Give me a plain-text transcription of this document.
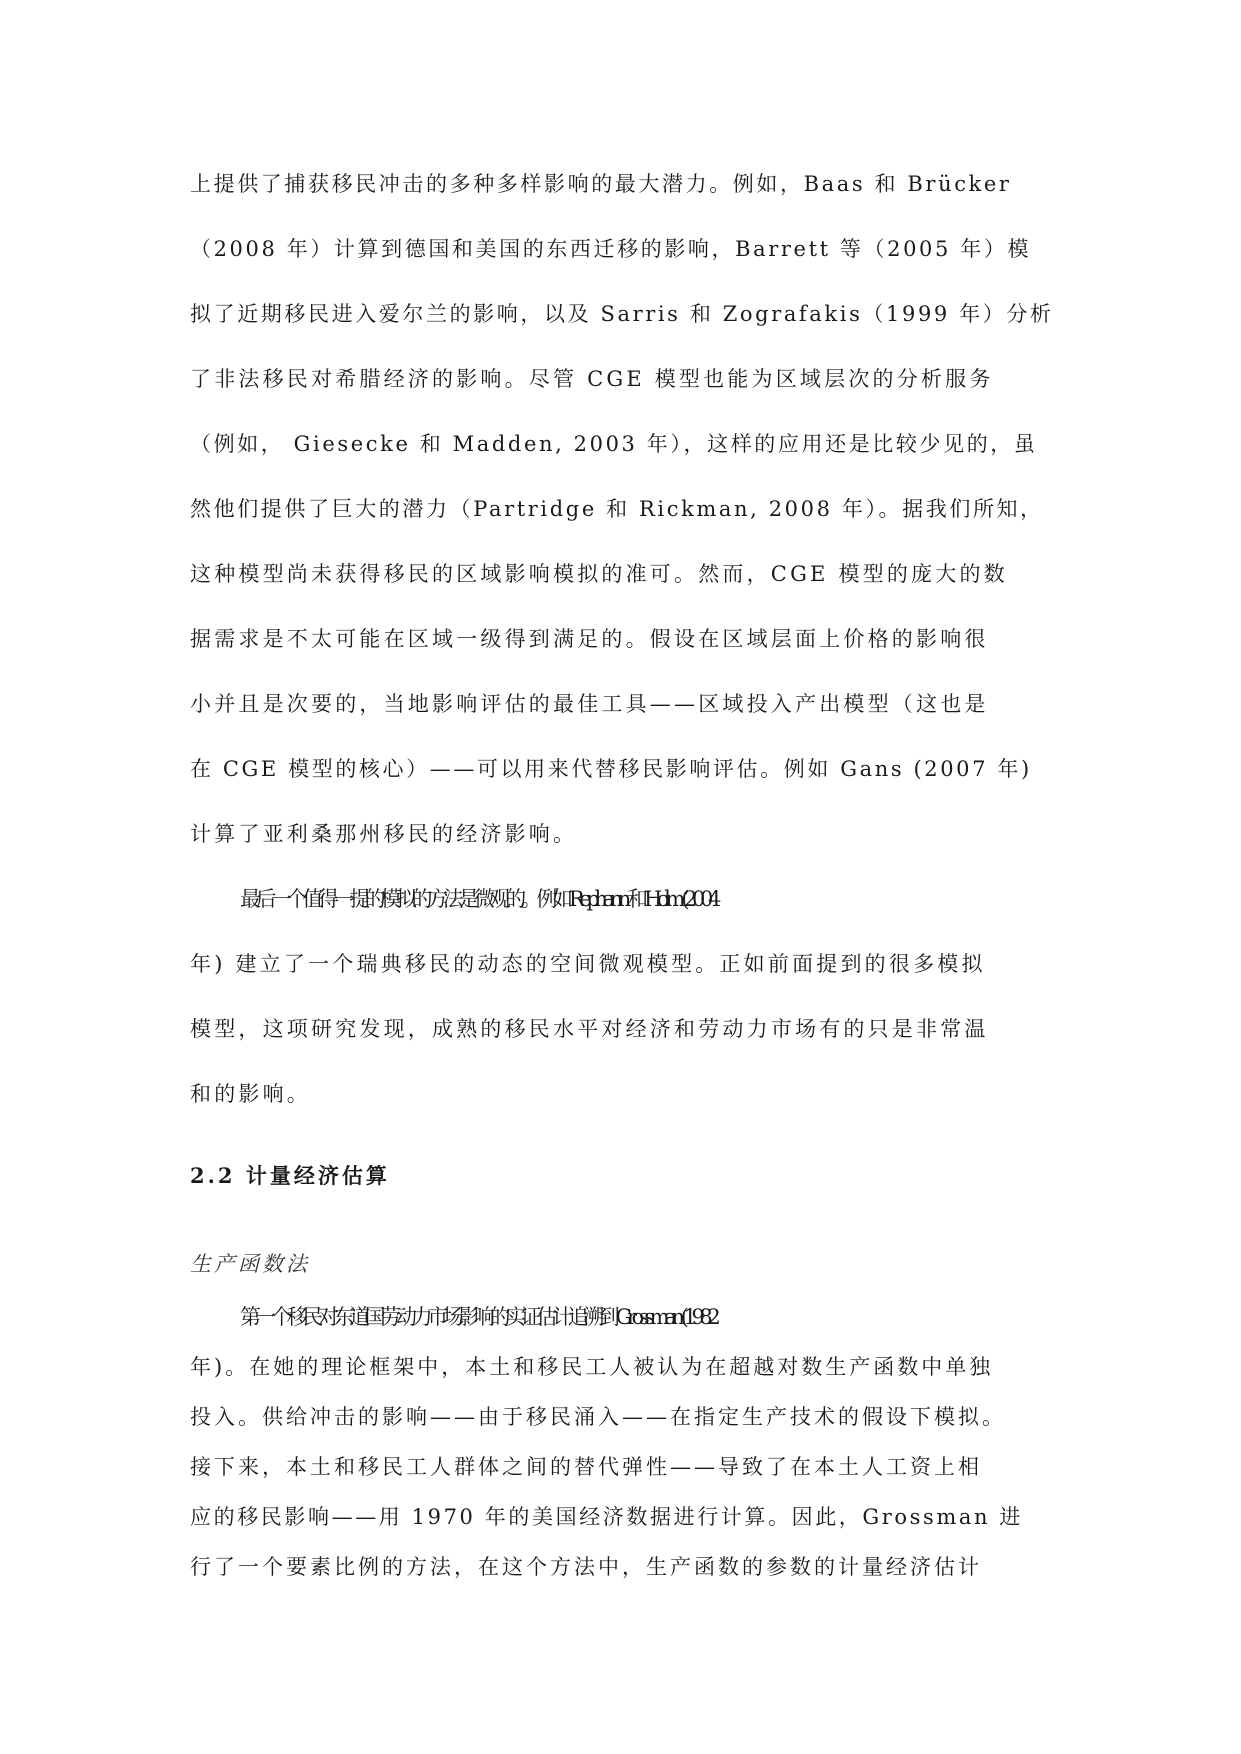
上提供了捕获移民冲击的多种多样影响的最大潜力。例如，Baas 和 Brücker
（2008 年）计算到德国和美国的东西迁移的影响，Barrett 等（2005 年）模
拟了近期移民进入爱尔兰的影响，以及 Sarris 和 Zografakis（1999 年）分析
了非法移民对希腊经济的影响。尽管 CGE 模型也能为区域层次的分析服务
（例如， Giesecke 和 Madden, 2003 年），这样的应用还是比较少见的，虽
然他们提供了巨大的潜力（Partridge 和 Rickman, 2008 年）。据我们所知，
这种模型尚未获得移民的区域影响模拟的准可。然而，CGE 模型的庞大的数
据需求是不太可能在区域一级得到满足的。假设在区域层面上价格的影响很
小并且是次要的，当地影响评估的最佳工具——区域投入产出模型（这也是
在 CGE 模型的核心）——可以用来代替移民影响评估。例如 Gans (2007 年)
计算了亚利桑那州移民的经济影响。
最后一个值得一提的模拟的方法是微观的。例如 Rephann 和 Holm (2004
年) 建立了一个瑞典移民的动态的空间微观模型。正如前面提到的很多模拟
模型，这项研究发现，成熟的移民水平对经济和劳动力市场有的只是非常温
和的影响。
2.2 计量经济估算
生产函数法
第一个移民对东道国劳动力市场影响的实证估计追溯到 Grossman (1982
年)。在她的理论框架中，本土和移民工人被认为在超越对数生产函数中单独
投入。供给冲击的影响——由于移民涌入——在指定生产技术的假设下模拟。
接下来，本土和移民工人群体之间的替代弹性——导致了在本土人工资上相
应的移民影响——用 1970 年的美国经济数据进行计算。因此，Grossman 进
行了一个要素比例的方法，在这个方法中，生产函数的参数的计量经济估计
